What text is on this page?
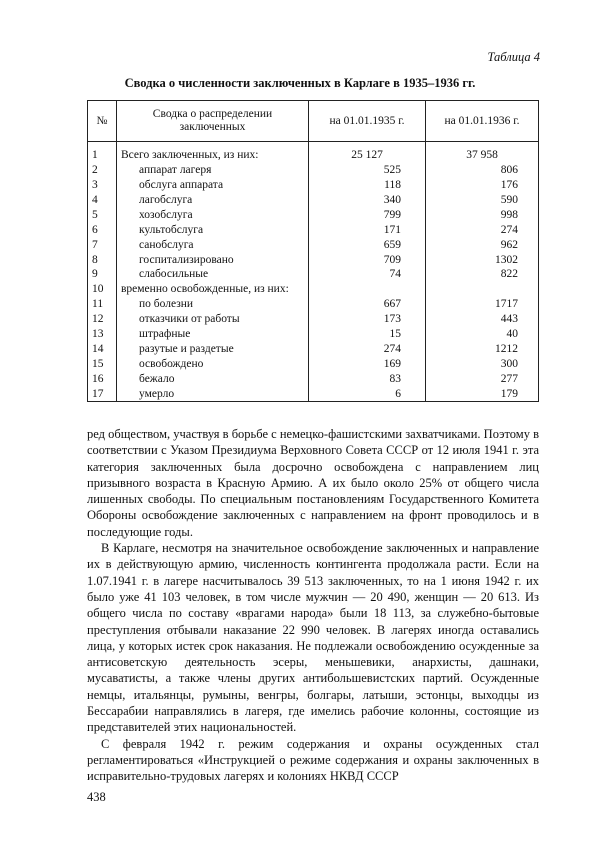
Таблица 4
Сводка о численности заключенных в Карлаге в 1935–1936 гг.
№	Сводка о распределении заключенных	на 01.01.1935 г.	на 01.01.1936 г.
1	Всего заключенных, из них:	25 127	37 958
2	аппарат лагеря	525	806
3	обслуга аппарата	118	176
4	лагобслуга	340	590
5	хозобслуга	799	998
6	культобслуга	171	274
7	санобслуга	659	962
8	госпитализировано	709	1302
9	слабосильные	74	822
10	временно освобожденные, из них:		
11	по болезни	667	1717
12	отказчики от работы	173	443
13	штрафные	15	40
14	разутые и раздетые	274	1212
15	освобождено	169	300
16	бежало	83	277
17	умерло	6	179

ред обществом, участвуя в борьбе с немецко-фашистскими захватчиками. Поэтому в соответствии с Указом Президиума Верховного Совета СССР от 12 июля 1941 г. эта категория заключенных была досрочно освобождена с направлением лиц призывного возраста в Красную Армию. А их было около 25% от общего числа лишенных свободы. По специальным постановлениям Государственного Комитета Обороны освобождение заключенных с направлением на фронт проводилось и в последующие годы.

В Карлаге, несмотря на значительное освобождение заключенных и направление их в действующую армию, численность контингента продолжала расти. Если на 1.07.1941 г. в лагере насчитывалось 39 513 заключенных, то на 1 июня 1942 г. их было уже 41 103 человек, в том числе мужчин — 20 490, женщин — 20 613. Из общего числа по составу «врагами народа» были 18 113, за служебно-бытовые преступления отбывали наказание 22 990 человек. В лагерях иногда оставались лица, у которых истек срок наказания. Не подлежали освобождению осужденные за антисоветскую деятельность эсеры, меньшевики, анархисты, дашнаки, мусаватисты, а также члены других антибольшевистских партий. Осужденные немцы, итальянцы, румыны, венгры, болгары, латыши, эстонцы, выходцы из Бессарабии направлялись в лагеря, где имелись рабочие колонны, состоящие из представителей этих национальностей.

С февраля 1942 г. режим содержания и охраны осужденных стал регламентироваться «Инструкцией о режиме содержания и охраны заключенных в исправительно-трудовых лагерях и колониях НКВД СССР

438
